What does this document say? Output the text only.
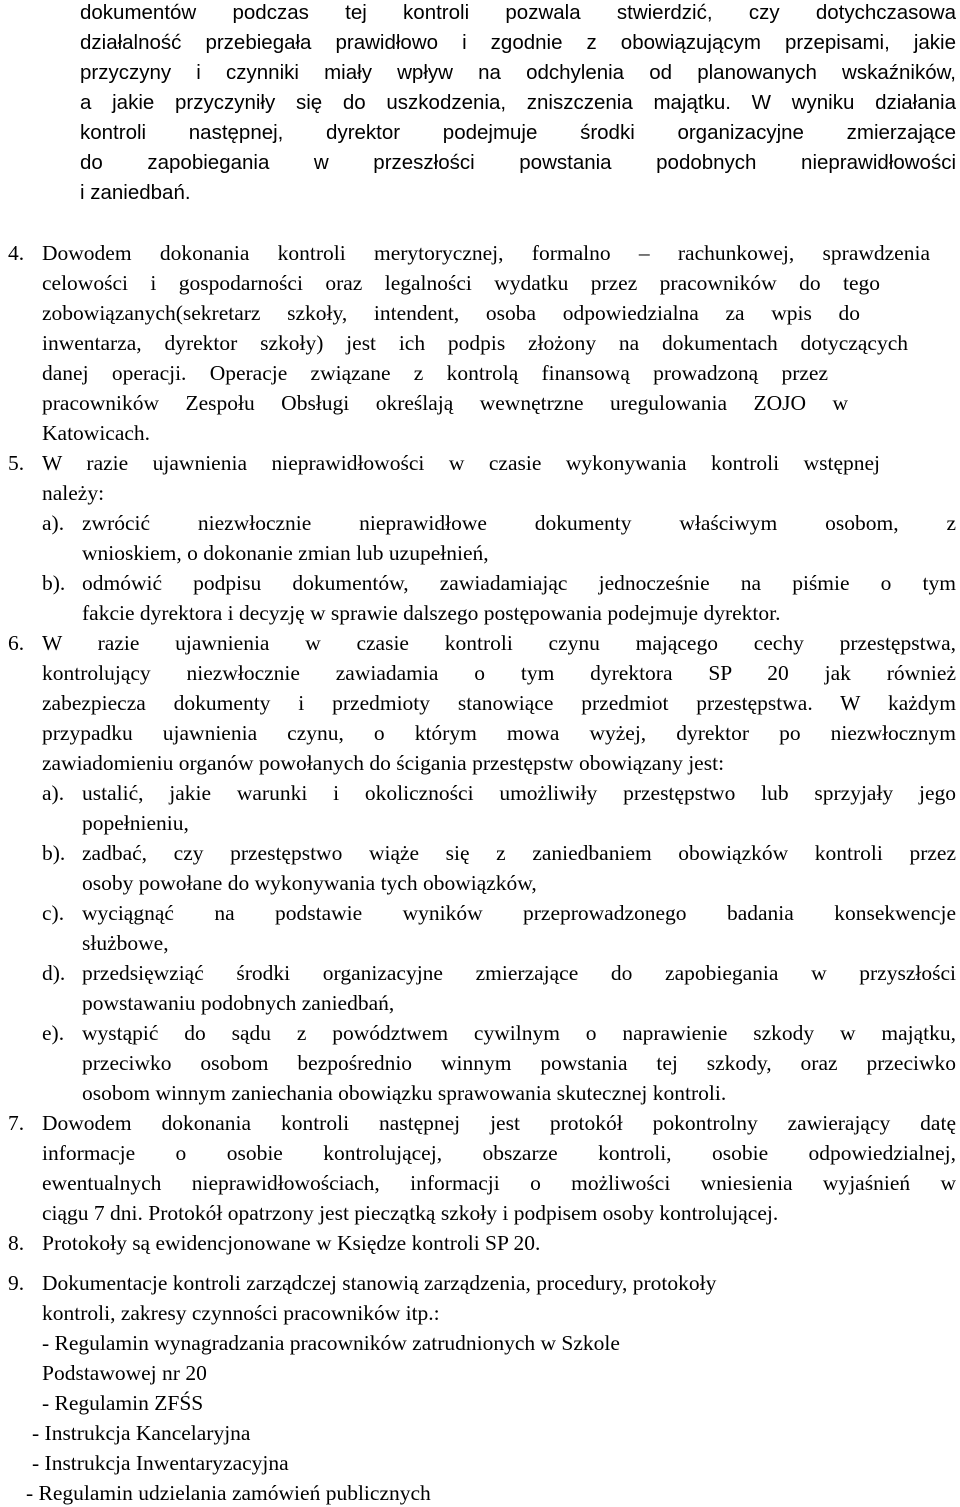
dokumentów podczas tej kontroli pozwala stwierdzić, czy dotychczasowa
działalność przebiegała prawidłowo i zgodnie z obowiązującym przepisami, jakie
przyczyny i czynniki miały wpływ na odchylenia od planowanych wskaźników,
a jakie przyczyniły się do uszkodzenia, zniszczenia majątku. W wyniku działania
kontroli następnej, dyrektor podejmuje środki organizacyjne zmierzające
do zapobiegania w przeszłości powstania podobnych nieprawidłowości
i zaniedbań.
4. Dowodem dokonania kontroli merytorycznej, formalno – rachunkowej, sprawdzenia
celowości i gospodarności oraz legalności wydatku przez pracowników do tego
zobowiązanych(sekretarz szkoły, intendent, osoba odpowiedzialna za wpis do
inwentarza, dyrektor szkoły) jest ich podpis złożony na dokumentach dotyczących
danej operacji. Operacje związane z kontrolą finansową prowadzoną przez
pracowników Zespołu Obsługi określają wewnętrzne uregulowania ZOJO w
Katowicach.
5. W razie ujawnienia nieprawidłowości w czasie wykonywania kontroli wstępnej
należy:
a). zwrócić niezwłocznie nieprawidłowe dokumenty właściwym osobom, z
wnioskiem, o dokonanie zmian lub uzupełnień,
b). odmówić podpisu dokumentów, zawiadamiając jednocześnie na piśmie o tym
fakcie dyrektora i decyzję w sprawie dalszego postępowania podejmuje dyrektor.
6. W razie ujawnienia w czasie kontroli czynu mającego cechy przestępstwa,
kontrolujący niezwłocznie zawiadamia o tym dyrektora SP 20 jak również
zabezpiecza dokumenty i przedmioty stanowiące przedmiot przestępstwa. W każdym
przypadku ujawnienia czynu, o którym mowa wyżej, dyrektor po niezwłocznym
zawiadomieniu organów powołanych do ścigania przestępstw obowiązany jest:
a). ustalić, jakie warunki i okoliczności umożliwiły przestępstwo lub sprzyjały jego
popełnieniu,
b). zadbać, czy przestępstwo wiąże się z zaniedbaniem obowiązków kontroli przez
osoby powołane do wykonywania tych obowiązków,
c). wyciągnąć na podstawie wyników przeprowadzonego badania konsekwencje
służbowe,
d). przedsięwziąć środki organizacyjne zmierzające do zapobiegania w przyszłości
powstawaniu podobnych zaniedbań,
e). wystąpić do sądu z powództwem cywilnym o naprawienie szkody w majątku,
przeciwko osobom bezpośrednio winnym powstania tej szkody, oraz przeciwko
osobom winnym zaniechania obowiązku sprawowania skutecznej kontroli.
7. Dowodem dokonania kontroli następnej jest protokół pokontrolny zawierający datę
informacje o osobie kontrolującej, obszarze kontroli, osobie odpowiedzialnej,
ewentualnych nieprawidłowościach, informacji o możliwości wniesienia wyjaśnień w
ciągu 7 dni. Protokół opatrzony jest pieczątką szkoły i podpisem osoby kontrolującej.
8. Protokoły są ewidencjonowane w Księdze kontroli SP 20.
9. Dokumentacje kontroli zarządczej stanowią zarządzenia, procedury, protokoły
kontroli, zakresy czynności pracowników itp.:
- Regulamin wynagradzania pracowników zatrudnionych w Szkole
Podstawowej nr 20
- Regulamin ZFŚS
- Instrukcja Kancelaryjna
- Instrukcja Inwentaryzacyjna
- Regulamin udzielania zamówień publicznych
